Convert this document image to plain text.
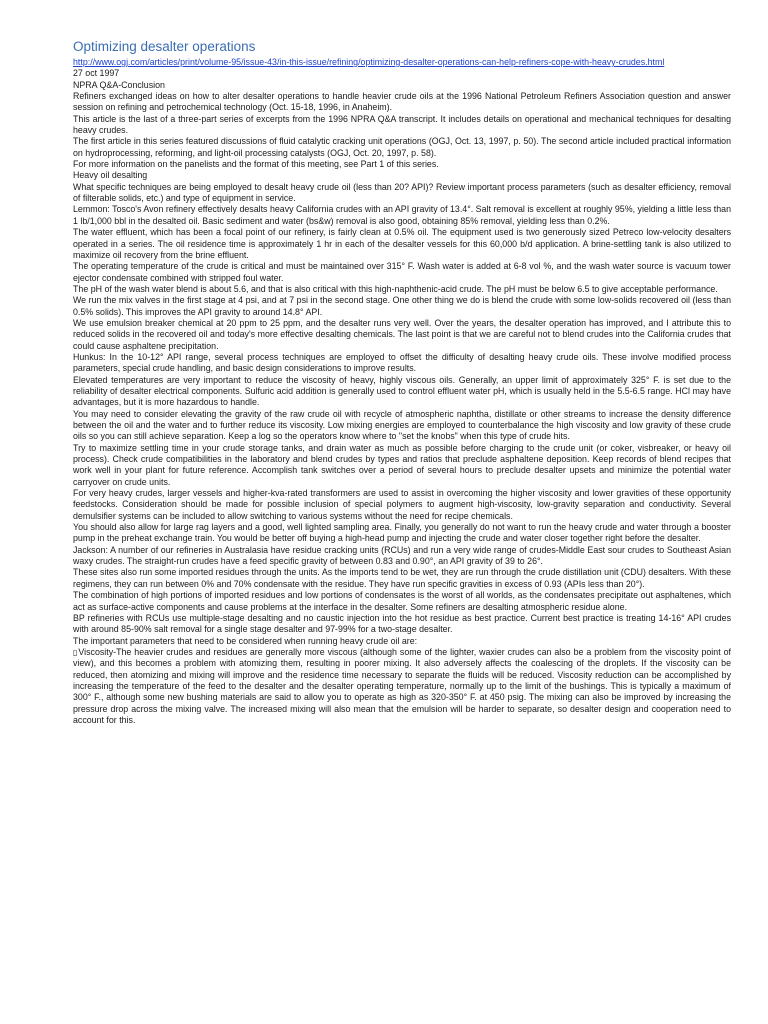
Optimizing desalter operations
http://www.ogj.com/articles/print/volume-95/issue-43/in-this-issue/refining/optimizing-desalter-operations-can-help-refiners-cope-with-heavy-crudes.html

27 oct 1997

NPRA Q&A-Conclusion

Refiners exchanged ideas on how to alter desalter operations to handle heavier crude oils at the 1996 National Petroleum Refiners Association question and answer session on refining and petrochemical technology (Oct. 15-18, 1996, in Anaheim).

This article is the last of a three-part series of excerpts from the 1996 NPRA Q&A transcript. It includes details on operational and mechanical techniques for desalting heavy crudes.

The first article in this series featured discussions of fluid catalytic cracking unit operations (OGJ, Oct. 13, 1997, p. 50). The second article included practical information on hydroprocessing, reforming, and light-oil processing catalysts (OGJ, Oct. 20, 1997, p. 58).

For more information on the panelists and the format of this meeting, see Part 1 of this series.

Heavy oil desalting

What specific techniques are being employed to desalt heavy crude oil (less than 20? API)? Review important process parameters (such as desalter efficiency, removal of filterable solids, etc.) and type of equipment in service.

Lemmon: Tosco's Avon refinery effectively desalts heavy California crudes with an API gravity of 13.4°. Salt removal is excellent at roughly 95%, yielding a little less than 1 lb/1,000 bbl in the desalted oil. Basic sediment and water (bs&w) removal is also good, obtaining 85% removal, yielding less than 0.2%.

The water effluent, which has been a focal point of our refinery, is fairly clean at 0.5% oil. The equipment used is two generously sized Petreco low-velocity desalters operated in a series. The oil residence time is approximately 1 hr in each of the desalter vessels for this 60,000 b/d application. A brine-settling tank is also utilized to maximize oil recovery from the brine effluent.

The operating temperature of the crude is critical and must be maintained over 315° F. Wash water is added at 6-8 vol %, and the wash water source is vacuum tower ejector condensate combined with stripped foul water.

The pH of the wash water blend is about 5.6, and that is also critical with this high-naphthenic-acid crude. The pH must be below 6.5 to give acceptable performance.

We run the mix valves in the first stage at 4 psi, and at 7 psi in the second stage. One other thing we do is blend the crude with some low-solids recovered oil (less than 0.5% solids). This improves the API gravity to around 14.8° API.

We use emulsion breaker chemical at 20 ppm to 25 ppm, and the desalter runs very well. Over the years, the desalter operation has improved, and I attribute this to reduced solids in the recovered oil and today's more effective desalting chemicals. The last point is that we are careful not to blend crudes into the California crudes that could cause asphaltene precipitation.

Hunkus: In the 10-12° API range, several process techniques are employed to offset the difficulty of desalting heavy crude oils. These involve modified process parameters, special crude handling, and basic design considerations to improve results.

Elevated temperatures are very important to reduce the viscosity of heavy, highly viscous oils. Generally, an upper limit of approximately 325° F. is set due to the reliability of desalter electrical components. Sulfuric acid addition is generally used to control effluent water pH, which is usually held in the 5.5-6.5 range. HCl may have advantages, but it is more hazardous to handle.

You may need to consider elevating the gravity of the raw crude oil with recycle of atmospheric naphtha, distillate or other streams to increase the density difference between the oil and the water and to further reduce its viscosity. Low mixing energies are employed to counterbalance the high viscosity and low gravity of these crude oils so you can still achieve separation. Keep a log so the operators know where to "set the knobs" when this type of crude hits.

Try to maximize settling time in your crude storage tanks, and drain water as much as possible before charging to the crude unit (or coker, visbreaker, or heavy oil process). Check crude compatibilities in the laboratory and blend crudes by types and ratios that preclude asphaltene deposition. Keep records of blend recipes that work well in your plant for future reference. Accomplish tank switches over a period of several hours to preclude desalter upsets and minimize the potential water carryover on crude units.

For very heavy crudes, larger vessels and higher-kva-rated transformers are used to assist in overcoming the higher viscosity and lower gravities of these opportunity feedstocks. Consideration should be made for possible inclusion of special polymers to augment high-viscosity, low-gravity separation and conductivity. Several demulsifier systems can be included to allow switching to various systems without the need for recipe chemicals.

You should also allow for large rag layers and a good, well lighted sampling area. Finally, you generally do not want to run the heavy crude and water through a booster pump in the preheat exchange train. You would be better off buying a high-head pump and injecting the crude and water closer together right before the desalter.

Jackson: A number of our refineries in Australasia have residue cracking units (RCUs) and run a very wide range of crudes-Middle East sour crudes to Southeast Asian waxy crudes. The straight-run crudes have a feed specific gravity of between 0.83 and 0.90°, an API gravity of 39 to 26°.

These sites also run some imported residues through the units. As the imports tend to be wet, they are run through the crude distillation unit (CDU) desalters. With these regimens, they can run between 0% and 70% condensate with the residue. They have run specific gravities in excess of 0.93 (APIs less than 20°).

The combination of high portions of imported residues and low portions of condensates is the worst of all worlds, as the condensates precipitate out asphaltenes, which act as surface-active components and cause problems at the interface in the desalter. Some refiners are desalting atmospheric residue alone.

BP refineries with RCUs use multiple-stage desalting and no caustic injection into the hot residue as best practice. Current best practice is treating 14-16° API crudes with around 85-90% salt removal for a single stage desalter and 97-99% for a two-stage desalter.

The important parameters that need to be considered when running heavy crude oil are:

▯Viscosity-The heavier crudes and residues are generally more viscous (although some of the lighter, waxier crudes can also be a problem from the viscosity point of view), and this becomes a problem with atomizing them, resulting in poorer mixing. It also adversely affects the coalescing of the droplets. If the viscosity can be reduced, then atomizing and mixing will improve and the residence time necessary to separate the fluids will be reduced. Viscosity reduction can be accomplished by increasing the temperature of the feed to the desalter and the desalter operating temperature, normally up to the limit of the bushings. This is typically a maximum of 300° F., although some new bushing materials are said to allow you to operate as high as 320-350° F. at 450 psig. The mixing can also be improved by increasing the pressure drop across the mixing valve. The increased mixing will also mean that the emulsion will be harder to separate, so desalter design and cooperation need to account for this.
